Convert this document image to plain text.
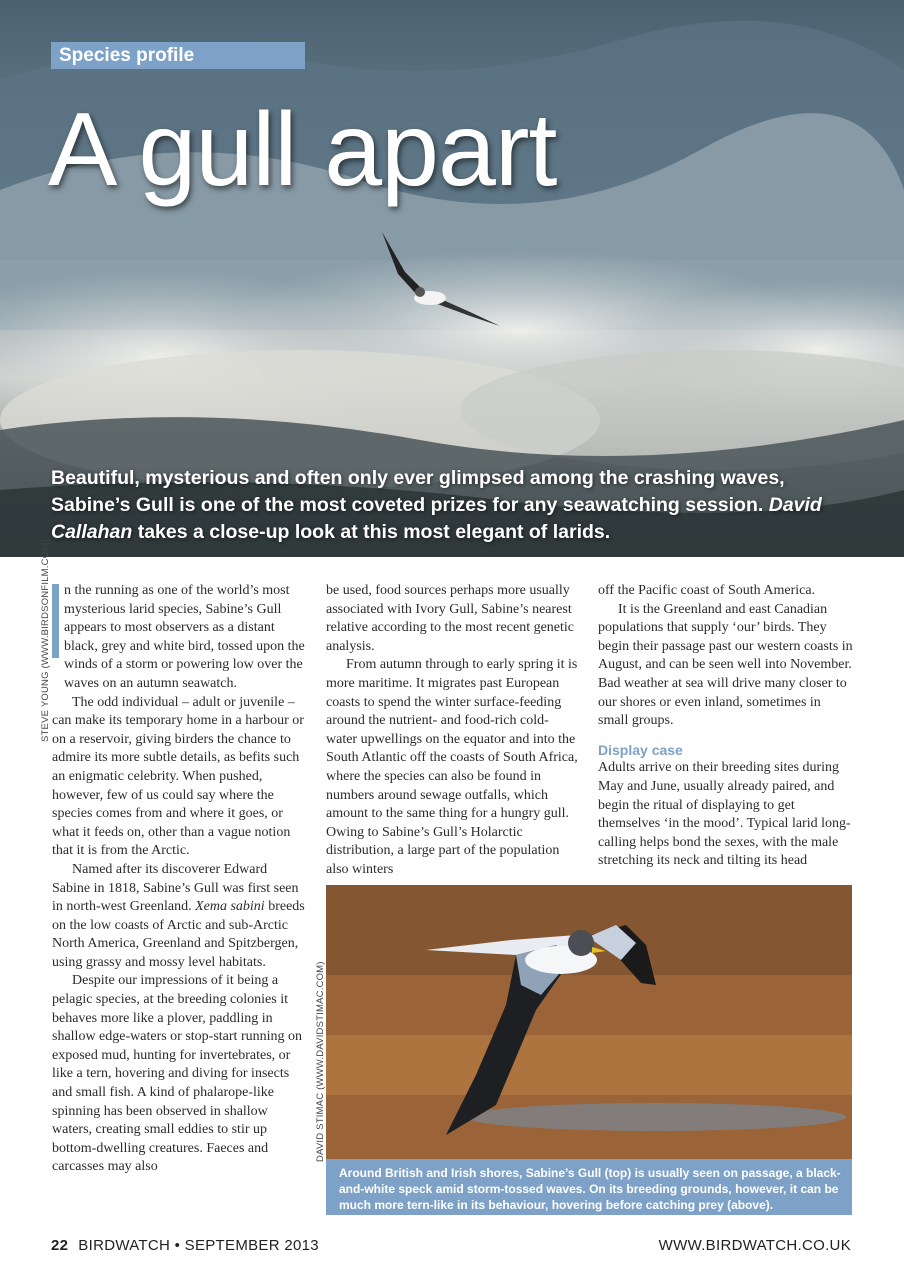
Species profile
A gull apart
Beautiful, mysterious and often only ever glimpsed among the crashing waves, Sabine’s Gull is one of the most coveted prizes for any seawatching session. David Callahan takes a close-up look at this most elegant of larids.
STEVE YOUNG (WWW.BIRDSONFILM.COM) n the running as one of the world’s most mysterious larid species, Sabine’s Gull appears to most observers as a distant black, grey and white bird, tossed upon the winds of a storm or powering low over the waves on an autumn seawatch.

The odd individual – adult or juvenile – can make its temporary home in a harbour or on a reservoir, giving birders the chance to admire its more subtle details, as befits such an enigmatic celebrity. When pushed, however, few of us could say where the species comes from and where it goes, or what it feeds on, other than a vague notion that it is from the Arctic.

Named after its discoverer Edward Sabine in 1818, Sabine’s Gull was first seen in north-west Greenland. Xema sabini breeds on the low coasts of Arctic and sub-Arctic North America, Greenland and Spitzbergen, using grassy and mossy level habitats.

Despite our impressions of it being a pelagic species, at the breeding colonies it behaves more like a plover, paddling in shallow edge-waters or stop-start running on exposed mud, hunting for invertebrates, or like a tern, hovering and diving for insects and small fish. A kind of phalarope-like spinning has been observed in shallow waters, creating small eddies to stir up bottom-dwelling creatures. Faeces and carcasses may also

be used, food sources perhaps more usually associated with Ivory Gull, Sabine’s nearest relative according to the most recent genetic analysis.

From autumn through to early spring it is more maritime. It migrates past European coasts to spend the winter surface-feeding around the nutrient- and food-rich cold-water upwellings on the equator and into the South Atlantic off the coasts of South Africa, where the species can also be found in numbers around sewage outfalls, which amount to the same thing for a hungry gull. Owing to Sabine’s Gull’s Holarctic distribution, a large part of the population also winters

off the Pacific coast of South America.

It is the Greenland and east Canadian populations that supply ‘our’ birds. They begin their passage past our western coasts in August, and can be seen well into November. Bad weather at sea will drive many closer to our shores or even inland, sometimes in small groups.

Display case

Adults arrive on their breeding sites during May and June, usually already paired, and begin the ritual of displaying to get themselves ‘in the mood’. Typical larid long-calling helps bond the sexes, with the male stretching its neck and tilting its head

DAVID STIMAC (WWW.DAVIDSTIMAC.COM)
Around British and Irish shores, Sabine’s Gull (top) is usually seen on passage, a black-and-white speck amid storm-tossed waves. On its breeding grounds, however, it can be much more tern-like in its behaviour, hovering before catching prey (above).
22 BIRDWATCH • SEPTEMBER 2013	WWW.BIRDWATCH.CO.UK
